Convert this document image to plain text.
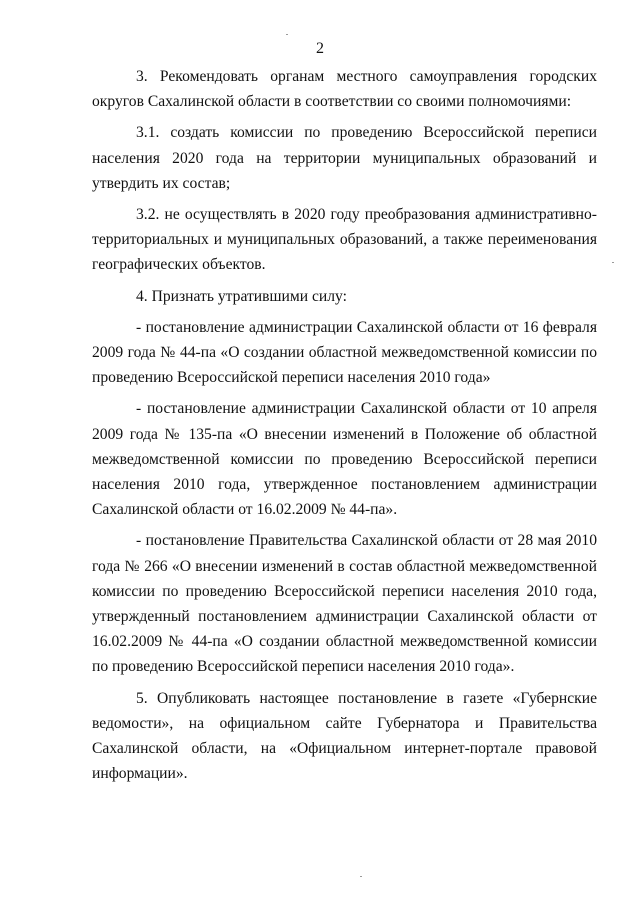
2

3. Рекомендовать органам местного самоуправления городских округов Сахалинской области в соответствии со своими полномочиями:

3.1. создать комиссии по проведению Всероссийской переписи населения 2020 года на территории муниципальных образований и утвердить их состав;

3.2. не осуществлять в 2020 году преобразования административно-территориальных и муниципальных образований, а также переименования географических объектов.

4. Признать утратившими силу:

- постановление администрации Сахалинской области от 16 февраля 2009 года № 44-па «О создании областной межведомственной комиссии по проведению Всероссийской переписи населения 2010 года»

- постановление администрации Сахалинской области от 10 апреля 2009 года № 135-па «О внесении изменений в Положение об областной межведомственной комиссии по проведению Всероссийской переписи населения 2010 года, утвержденное постановлением администрации Сахалинской области от 16.02.2009 № 44-па».

- постановление Правительства Сахалинской области от 28 мая 2010 года № 266 «О внесении изменений в состав областной межведомственной комиссии по проведению Всероссийской переписи населения 2010 года, утвержденный постановлением администрации Сахалинской области от 16.02.2009 № 44-па «О создании областной межведомственной комиссии по проведению Всероссийской переписи населения 2010 года».

5. Опубликовать настоящее постановление в газете «Губернские ведомости», на официальном сайте Губернатора и Правительства Сахалинской области, на «Официальном интернет-портале правовой информации».
